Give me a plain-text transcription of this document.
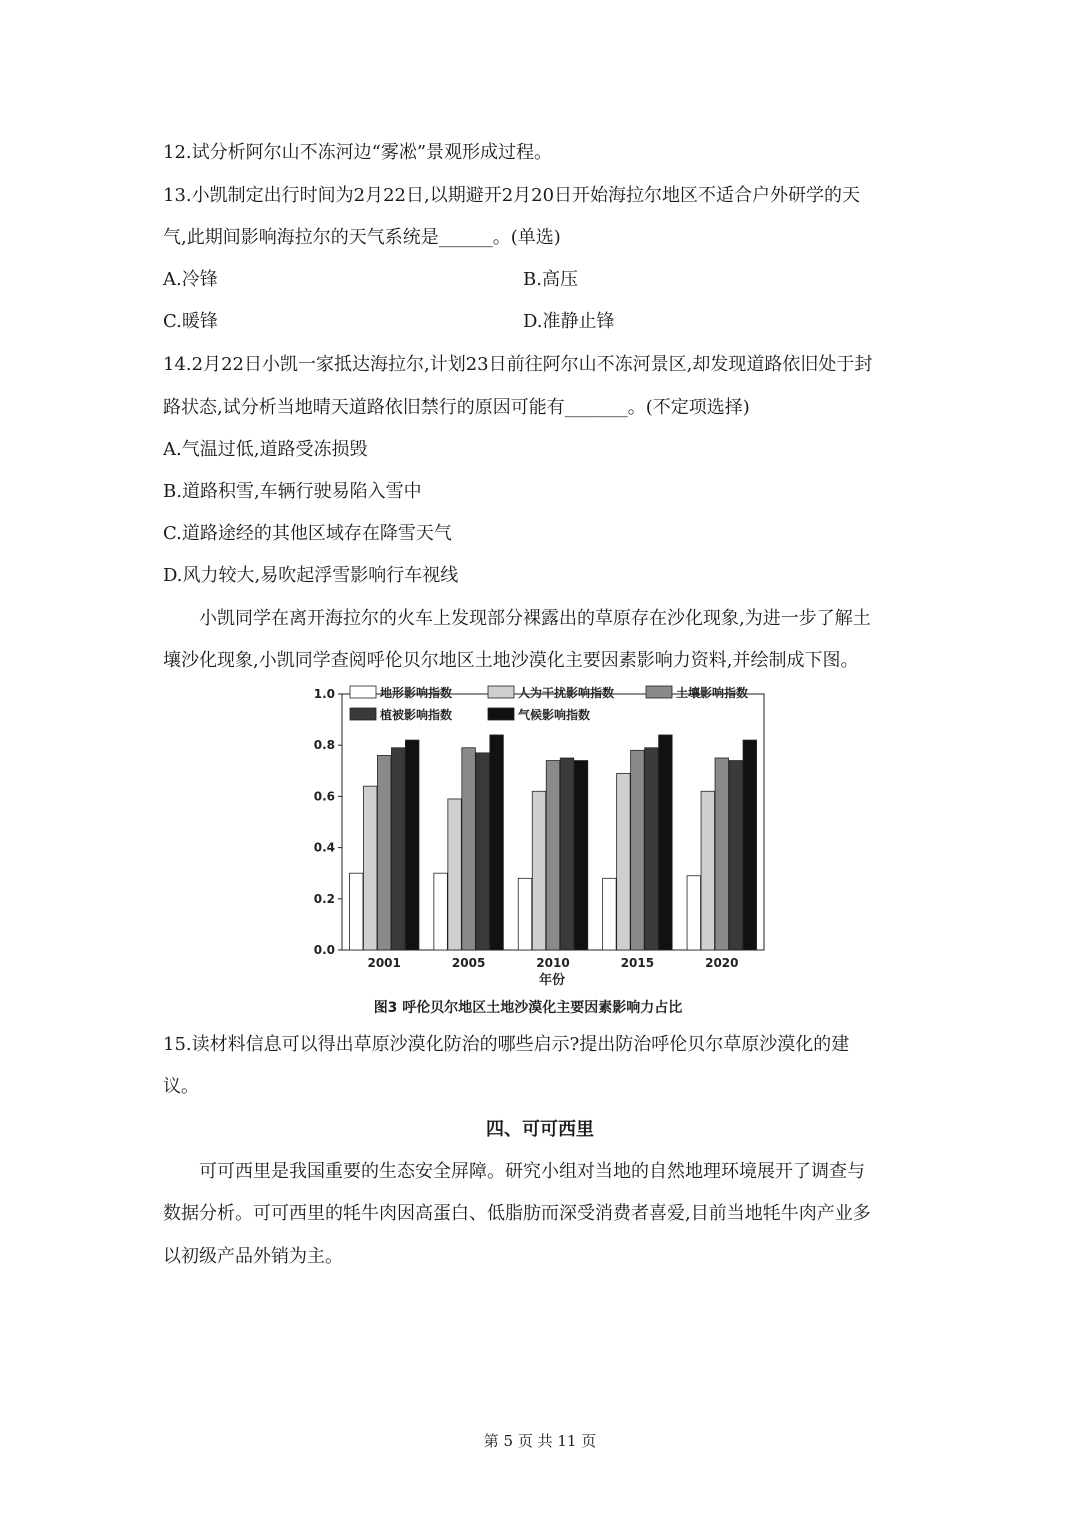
12.试分析阿尔山不冻河边“雾凇”景观形成过程。
13.小凯制定出行时间为2月22日,以期避开2月20日开始海拉尔地区不适合户外研学的天
气,此期间影响海拉尔的天气系统是______。(单选)
A.冷锋	B.高压
C.暖锋	D.准静止锋
14.2月22日小凯一家抵达海拉尔,计划23日前往阿尔山不冻河景区,却发现道路依旧处于封
路状态,试分析当地晴天道路依旧禁行的原因可能有_______。(不定项选择)
A.气温过低,道路受冻损毁
B.道路积雪,车辆行驶易陷入雪中
C.道路途经的其他区域存在降雪天气
D.风力较大,易吹起浮雪影响行车视线
小凯同学在离开海拉尔的火车上发现部分裸露出的草原存在沙化现象,为进一步了解土
壤沙化现象,小凯同学查阅呼伦贝尔地区土地沙漠化主要因素影响力资料,并绘制成下图。
0.0
0.2
0.4
0.6
0.8
1.0
2001	2005	2010	2015	2020
地形影响指数	人为干扰影响指数	土壤影响指数
植被影响指数	气候影响指数
图3 呼伦贝尔地区土地沙漠化主要因素影响力占比
年份
15.读材料信息可以得出草原沙漠化防治的哪些启示?提出防治呼伦贝尔草原沙漠化的建
议。
四、可可西里
可可西里是我国重要的生态安全屏障。研究小组对当地的自然地理环境展开了调查与
数据分析。可可西里的牦牛肉因高蛋白、低脂肪而深受消费者喜爱,目前当地牦牛肉产业多
以初级产品外销为主。
第 5 页 共 11 页
